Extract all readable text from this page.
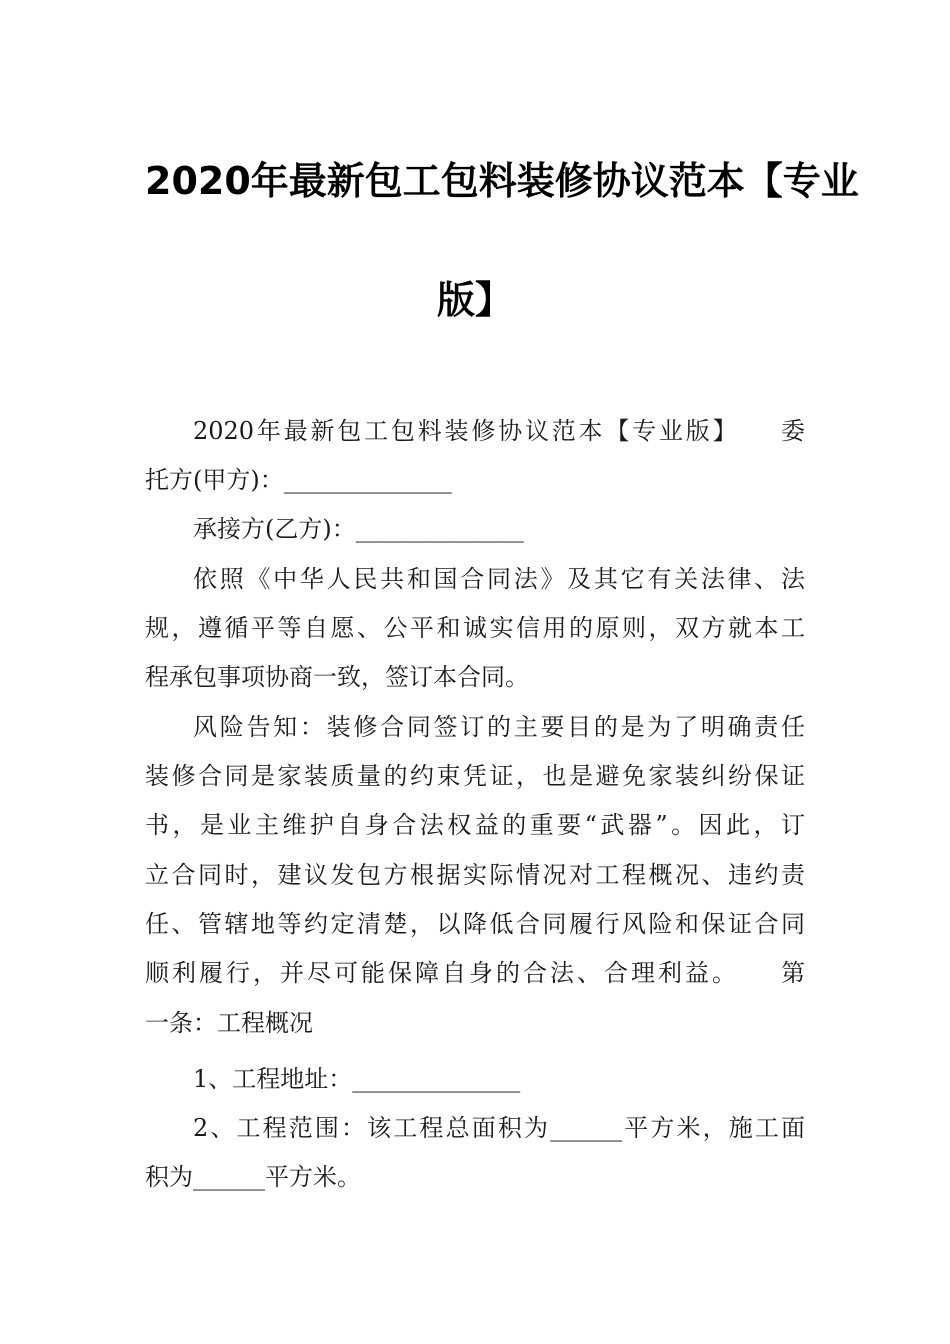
2020年最新包工包料装修协议范本【专业
版】
2020年最新包工包料装修协议范本【专业版】　　委
托方(甲方)：______________
承接方(乙方)：______________
依照《中华人民共和国合同法》及其它有关法律、法
规，遵循平等自愿、公平和诚实信用的原则，双方就本工
程承包事项协商一致，签订本合同。
风险告知：装修合同签订的主要目的是为了明确责任
装修合同是家装质量的约束凭证，也是避免家装纠纷保证
书，是业主维护自身合法权益的重要“武器”。因此，订
立合同时，建议发包方根据实际情况对工程概况、违约责
任、管辖地等约定清楚，以降低合同履行风险和保证合同
顺利履行，并尽可能保障自身的合法、合理利益。　　第
一条：工程概况
1、工程地址：______________
2、工程范围：该工程总面积为______平方米，施工面
积为______平方米。
